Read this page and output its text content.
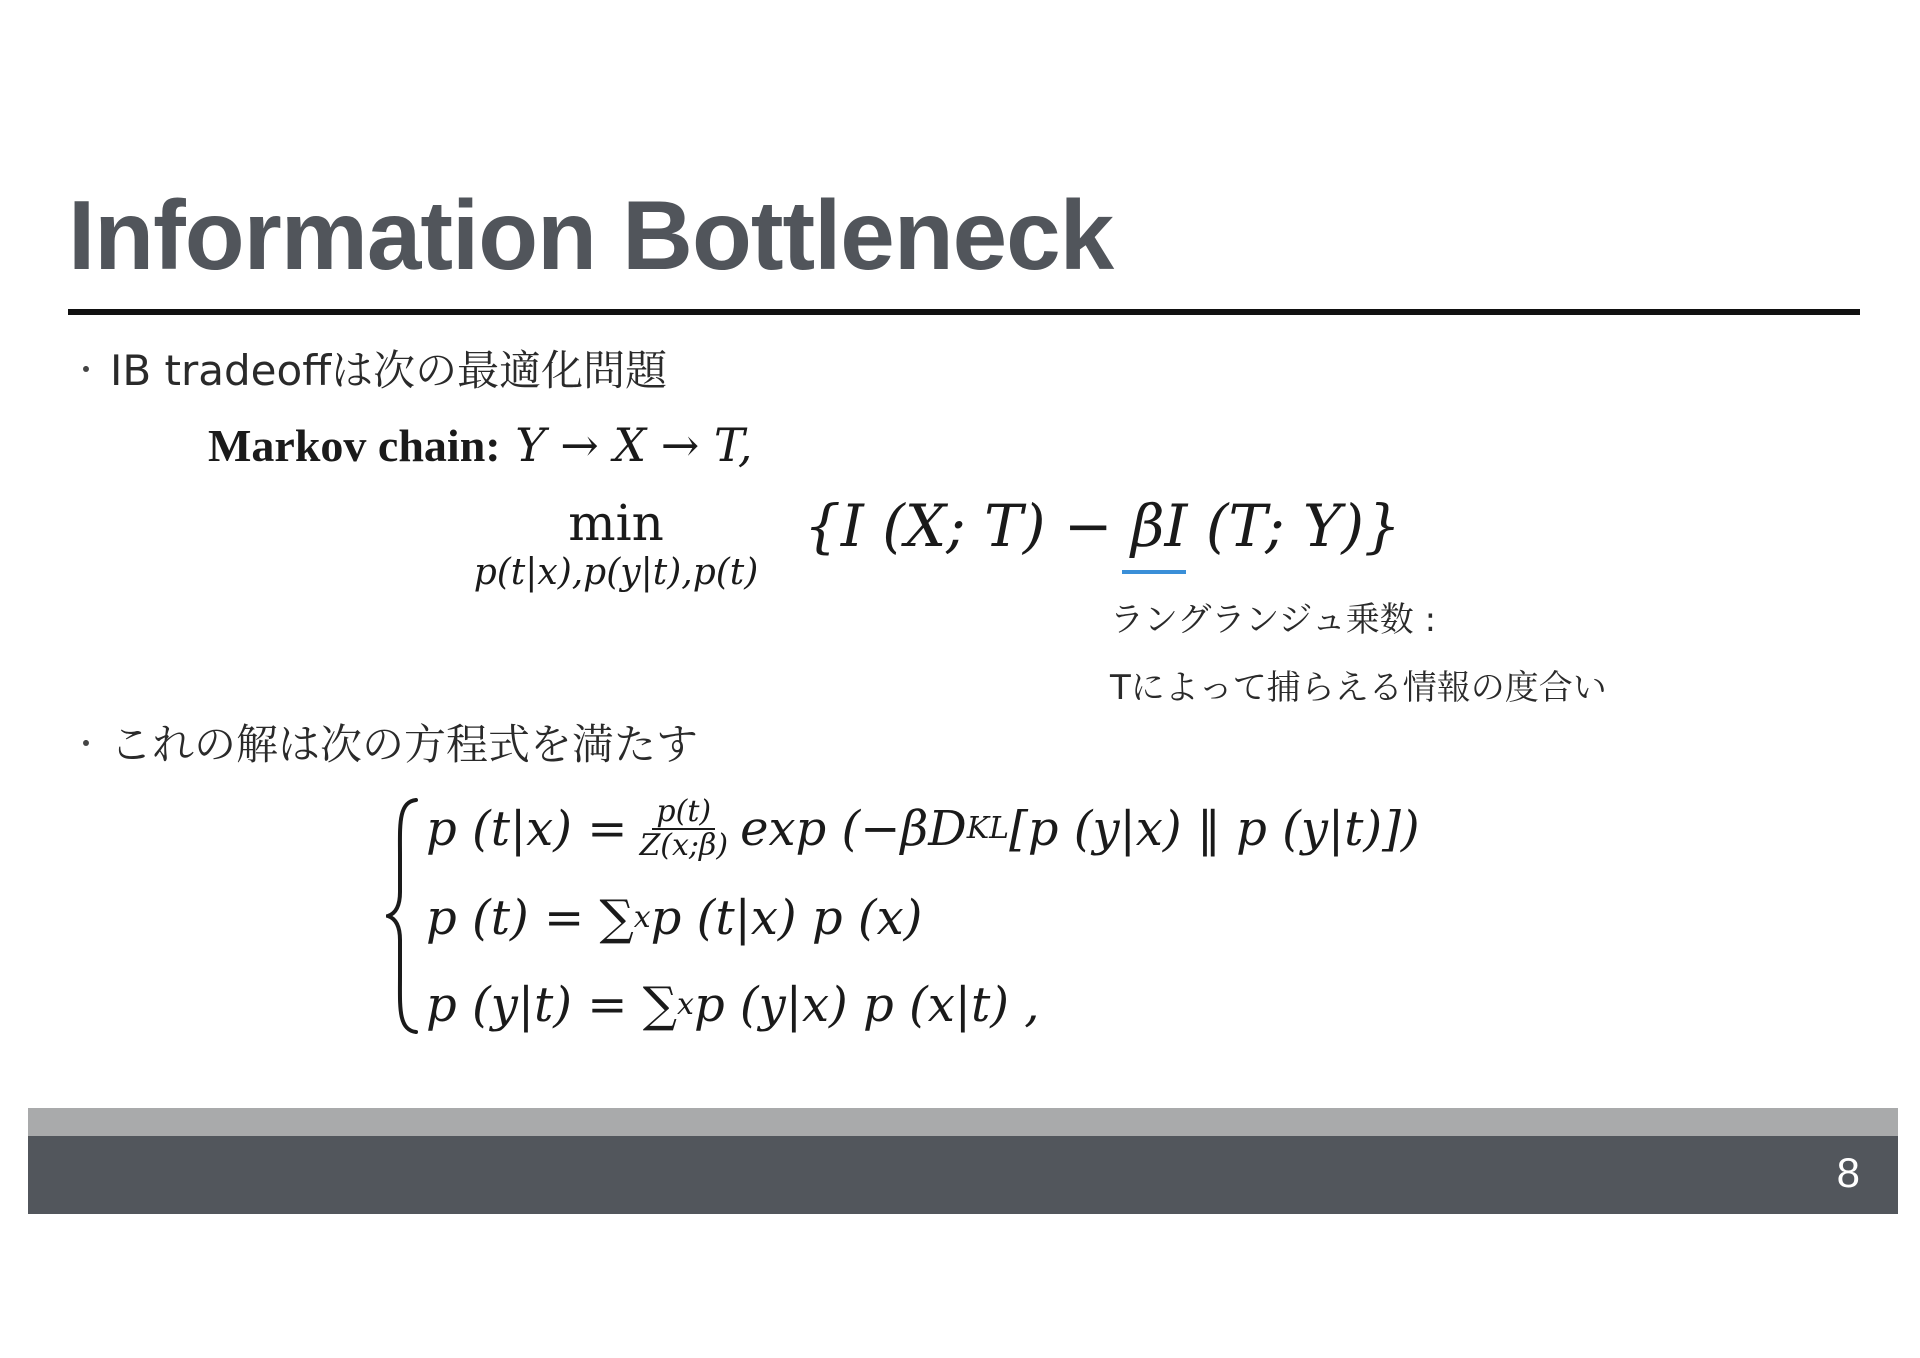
Information Bottleneck
・ IB tradeoffは次の最適化問題
Markov chain: Y → X → T,
min
p(t|x),p(y|t),p(t)
{I (X; T) − βI (T; Y)}
ラングランジュ乗数 :
Tによって捕らえる情報の度合い
・ これの解は次の方程式を満たす
p $(t|x) = \frac{p(t)}{Z(x;\beta)}$ exp (−βD KL [p (y|x) ‖ p (y|t)])
p (t) = ∑ x p (t|x) p (x)
p (y|t) = ∑ x p (y|x) p (x|t) ,
8
